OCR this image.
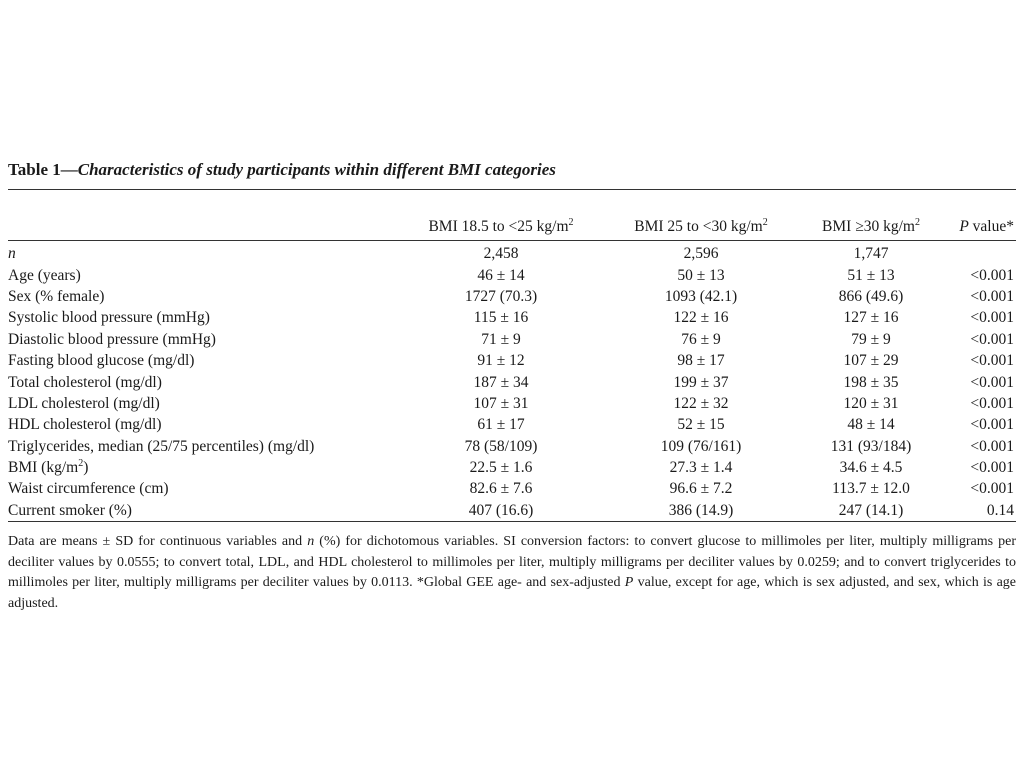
Table 1—Characteristics of study participants within different BMI categories
	BMI 18.5 to <25 $kg/m^2$	BMI 25 to <30 $kg/m^2$	BMI ≥30 $kg/m^2$	P value*
n	2,458	2,596	1,747	
Age (years)	46 ± 14	50 ± 13	51 ± 13	<0.001
Sex (% female)	1727 (70.3)	1093 (42.1)	866 (49.6)	<0.001
Systolic blood pressure (mmHg)	115 ± 16	122 ± 16	127 ± 16	<0.001
Diastolic blood pressure (mmHg)	71 ± 9	76 ± 9	79 ± 9	<0.001
Fasting blood glucose (mg/dl)	91 ± 12	98 ± 17	107 ± 29	<0.001
Total cholesterol (mg/dl)	187 ± 34	199 ± 37	198 ± 35	<0.001
LDL cholesterol (mg/dl)	107 ± 31	122 ± 32	120 ± 31	<0.001
HDL cholesterol (mg/dl)	61 ± 17	52 ± 15	48 ± 14	<0.001
Triglycerides, median (25/75 percentiles) (mg/dl)	78 (58/109)	109 (76/161)	131 (93/184)	<0.001
BMI $(kg/m^2)$	22.5 ± 1.6	27.3 ± 1.4	34.6 ± 4.5	<0.001
Waist circumference (cm)	82.6 ± 7.6	96.6 ± 7.2	113.7 ± 12.0	<0.001
Current smoker (%)	407 (16.6)	386 (14.9)	247 (14.1)	0.14
Data are means ± SD for continuous variables and n (%) for dichotomous variables. SI conversion factors: to convert glucose to millimoles per liter, multiply milligrams per deciliter values by 0.0555; to convert total, LDL, and HDL cholesterol to millimoles per liter, multiply milligrams per deciliter values by 0.0259; and to convert triglycerides to millimoles per liter, multiply milligrams per deciliter values by 0.0113. *Global GEE age- and sex-adjusted P value, except for age, which is sex adjusted, and sex, which is age adjusted.
